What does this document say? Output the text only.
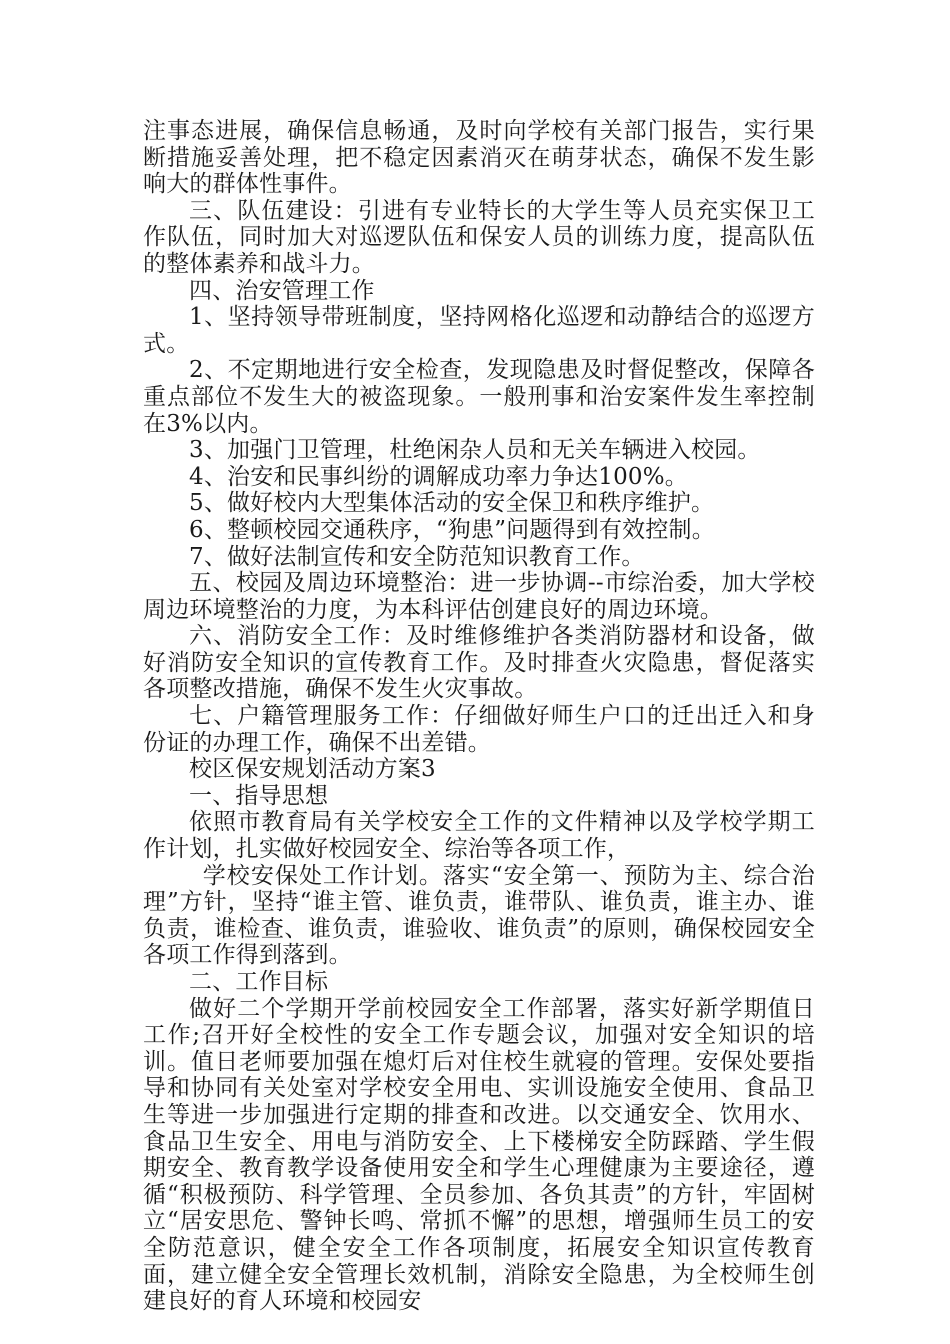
注事态进展，确保信息畅通，及时向学校有关部门报告，实行果断措施妥善处理，把不稳定因素消灭在萌芽状态，确保不发生影响大的群体性事件。

三、队伍建设：引进有专业特长的大学生等人员充实保卫工作队伍，同时加大对巡逻队伍和保安人员的训练力度，提高队伍的整体素养和战斗力。

四、治安管理工作

1、坚持领导带班制度，坚持网格化巡逻和动静结合的巡逻方式。

2、不定期地进行安全检查，发现隐患及时督促整改，保障各重点部位不发生大的被盗现象。一般刑事和治安案件发生率控制在3%以内。

3、加强门卫管理，杜绝闲杂人员和无关车辆进入校园。

4、治安和民事纠纷的调解成功率力争达100%。

5、做好校内大型集体活动的安全保卫和秩序维护。

6、整顿校园交通秩序，“狗患”问题得到有效控制。

7、做好法制宣传和安全防范知识教育工作。

五、校园及周边环境整治：进一步协调--市综治委，加大学校周边环境整治的力度，为本科评估创建良好的周边环境。

六、消防安全工作：及时维修维护各类消防器材和设备，做好消防安全知识的宣传教育工作。及时排查火灾隐患，督促落实各项整改措施，确保不发生火灾事故。

七、户籍管理服务工作：仔细做好师生户口的迁出迁入和身份证的办理工作，确保不出差错。

校区保安规划活动方案3

一、指导思想

依照市教育局有关学校安全工作的文件精神以及学校学期工作计划，扎实做好校园安全、综治等各项工作，

学校安保处工作计划。落实“安全第一、预防为主、综合治理”方针，坚持“谁主管、谁负责，谁带队、谁负责，谁主办、谁负责，谁检查、谁负责，谁验收、谁负责”的原则，确保校园安全各项工作得到落到。

二、工作目标

做好二个学期开学前校园安全工作部署，落实好新学期值日工作;召开好全校性的安全工作专题会议，加强对安全知识的培训。值日老师要加强在熄灯后对住校生就寝的管理。安保处要指导和协同有关处室对学校安全用电、实训设施安全使用、食品卫生等进一步加强进行定期的排查和改进。以交通安全、饮用水、食品卫生安全、用电与消防安全、上下楼梯安全防踩踏、学生假期安全、教育教学设备使用安全和学生心理健康为主要途径，遵循“积极预防、科学管理、全员参加、各负其责”的方针，牢固树立“居安思危、警钟长鸣、常抓不懈”的思想，增强师生员工的安全防范意识，健全安全工作各项制度，拓展安全知识宣传教育面，建立健全安全管理长效机制，消除安全隐患，为全校师生创建良好的育人环境和校园安
